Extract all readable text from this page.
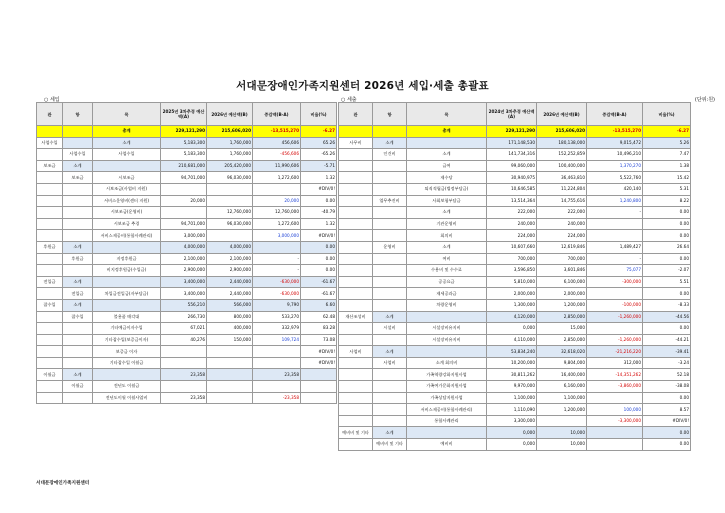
서대문장애인가족지원센터 2026년 세입·세출 총괄표
○ 세입	○ 세출	(단위:원)
관	항	목	2025년 3차추경 예산액(A)	2026년 예산액(B)	증감액(B-A)	비율(%)
		총계	229,121,290	215,606,020	-13,515,270	-6.27
사업수입		소계	5,183,300	1,760,000	456,606	65.26
	사업수입	사업수입	5,183,300	1,760,000	-456,606	-65.26
보조금	소계		210,681,000	205,420,000	11,990,606	-5.71
	보조금	시보조금	94,701,000	96,030,000	1,272,600	1.32
		시보조금(사업비 지원)				#DIV/0!
		서비스운영비(센터 지원)	20,000		20,000	0.00
		시보조금(운영비)		12,760,000	12,760,000	-40.79
		시보조금 추경	94,701,000	96,030,000	1,272,600	1.32
		서비스제공비(통합사례관리)	3,000,000		3,000,000	#DIV/0!
후원금	소계		4,000,000	4,000,000		0.00
	후원금	지정후원금	2,100,000	2,100,000	-	0.00
		비지정후원금(수입금)	2,900,000	2,900,000	-	0.00
전입금	소계		3,400,000	2,440,000	-630,000	-61.67
	전입금	차입금전입금(자부담금)	3,400,000	2,440,000	-630,000	-61.67
잡수입	소계		556,210	566,000	9,790	6.60
	잡수입	불용품 매각대	266,730	800,000	533,270	62.48
		기타예금이자수입	67,021	400,000	332,979	83.28
		기타잡수입(보증금이자)	40,276	150,000	109,724	73.08
		보증금 이자				#DIV/0!
		기타잡수입 이월금				#DIV/0!
이월금	소계		23,358		23,358	
	이월금	전년도 이월금				
		전년도이월 이월사업비	23,358		-23,358	
관	항	목	2024년 3차추경 예산액(A)	2026년 예산액(B)	증감액(B-A)	비율(%)
		총계	229,121,290	215,606,020	-13,515,270	-6.27
사무비	소계		171,148,530	180,138,000	9,015,472	5.26
	인건비	소계	141,734,316	152,252,859	10,496,210	7.47
		급여	99,060,000	100,400,000	1,370,270	1.38
		제수당	30,940,975	36,463,810	5,522,760	15.42
		퇴직적립금(법정부담금)	10,646,585	11,224,804	420,140	5.31
	업무추진비	사회보험부담금	13,514,364	14,755,616	1,240,800	8.22
		소계	222,000	222,000	-	0.00
		기관운영비	240,000	240,000		0.00
		회의비	224,000	224,000		0.00
	운영비	소계	10,607,660	12,619,846	1,489,427	26.64
		여비	700,000	700,000	-	0.00
		수용비 및 수수료	3,596,850	3,601,846	75,077	-2.07
		공공요금	5,810,000	6,100,000	-300,000	5.51
		제세공과금	2,000,000	2,000,000		0.00
		차량운영비	1,300,000	1,200,000	-100,000	-8.33
재산조성비	소계		4,120,000	2,850,000	-1,260,000	-44.56
	시설비	시설장비유지비	0,000	15,000		0.00
		시설장비유지비	4,110,000	2,850,000	-1,260,000	-44.21
사업비	소계		53,834,240	32,618,020	-21,216,220	-39.41
	사업비	소계 회의비	10,200,000	9,804,000	312,000	-3.24
		가족역량강화지원사업	30,811,262	16,400,000	-14,351,262	52.18
		가족여가문화지원사업	9,970,000	6,160,000	-3,860,000	-38.08
		가족상담지원사업	1,100,000	1,100,000		0.00
		서비스제공비(통합사례관리)	1,110,090	1,200,000	100,000	8.57
		통합사례관리	3,300,000		-3,300,000	#DIV/0!
예비비 및 기타	소계		0,000	10,000		0.00
	예비비 및 기타	예비비	0,000	10,000		0.00
서대문장애인가족지원센터
